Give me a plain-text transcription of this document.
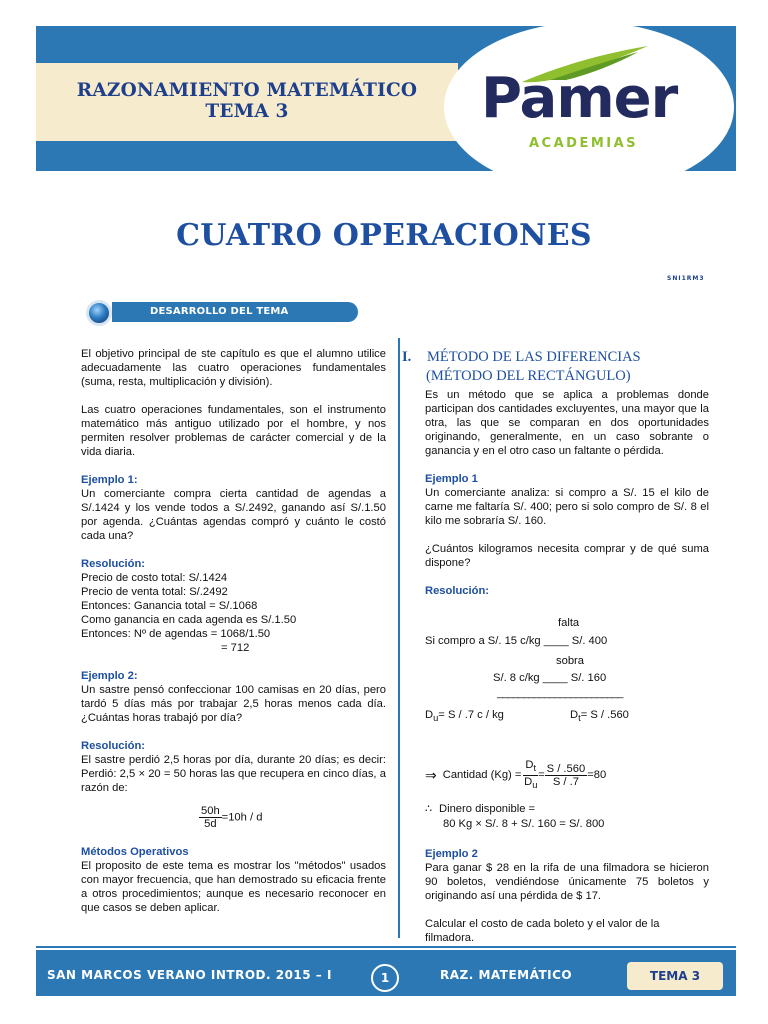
RAZONAMIENTO MATEMÁTICO
TEMA 3	Pamer
ACADEMIAS
CUATRO OPERACIONES
SNI1RM3
DESARROLLO DEL TEMA

El objetivo principal de ste capítulo es que el alumno utilice adecuadamente las cuatro operaciones fundamentales (suma, resta, multiplicación y división).

Las cuatro operaciones fundamentales, son el instrumento matemático más antiguo utilizado por el hombre, y nos permiten resolver problemas de carácter comercial y de la vida diaria.

Ejemplo 1:

Un comerciante compra cierta cantidad de agendas a S/.1424 y los vende todos a S/.2492, ganando así S/.1.50 por agenda. ¿Cuántas agendas compró y cuánto le costó cada una?

Resolución:
Precio de costo total: S/.1424
Precio de venta total: S/.2492
Entonces: Ganancia total = S/.1068
Como ganancia en cada agenda es S/.1.50
Entonces: Nº de agendas = 1068/1.50
= 712
Ejemplo 2:

Un sastre pensó confeccionar 100 camisas en 20 días, pero tardó 5 días más por trabajar 2,5 horas menos cada día. ¿Cuántas horas trabajó por día?

Resolución:

El sastre perdió 2,5 horas por día, durante 20 días; es decir: Perdió: 2,5 × 20 = 50 horas las que recupera en cinco días, a razón de:

$\frac{50h}{5d} =10h / d$
Métodos Operativos

El proposito de este tema es mostrar los "métodos" usados con mayor frecuencia, que han demostrado su eficacia frente a otros procedimientos; aunque es necesario reconocer en que casos se deben aplicar.

I. MÉTODO DE LAS DIFERENCIAS
(MÉTODO DEL RECTÁNGULO)

Es un método que se aplica a problemas donde participan dos cantidades excluyentes, una mayor que la otra, las que se comparan en dos oportunidades originando, generalmente, en un caso sobrante o ganancia y en el otro caso un faltante o pérdida.

Ejemplo 1

Un comerciante analiza: si compro a S/. 15 el kilo de carne me faltaría S/. 400; pero si solo compro de S/. 8 el kilo me sobraría S/. 160.

¿Cuántos kilogramos necesita comprar y de qué suma dispone?

Resolución:
falta
Si compro a S/. 15 c/kg ____ S/. 400
sobra
S/. 8 c/kg ____ S/. 160
________________________
$D_u= S / .7$ c / kg	$D_t= S / .560$
⇒ Cantidad $(Kg) = \frac{D_t}{D_u} = \frac{S / .560}{S / .7} =80$
∴ Dinero disponible =
80 Kg × S/. 8 + S/. 160 = S/. 800
Ejemplo 2

Para ganar $ 28 en la rifa de una filmadora se hicieron 90 boletos, vendiéndose únicamente 75 boletos y originando así una pérdida de $ 17.

Calcular el costo de cada boleto y el valor de la filmadora.

SAN MARCOS VERANO INTROD. 2015 – I	1	RAZ. MATEMÁTICO	TEMA 3
